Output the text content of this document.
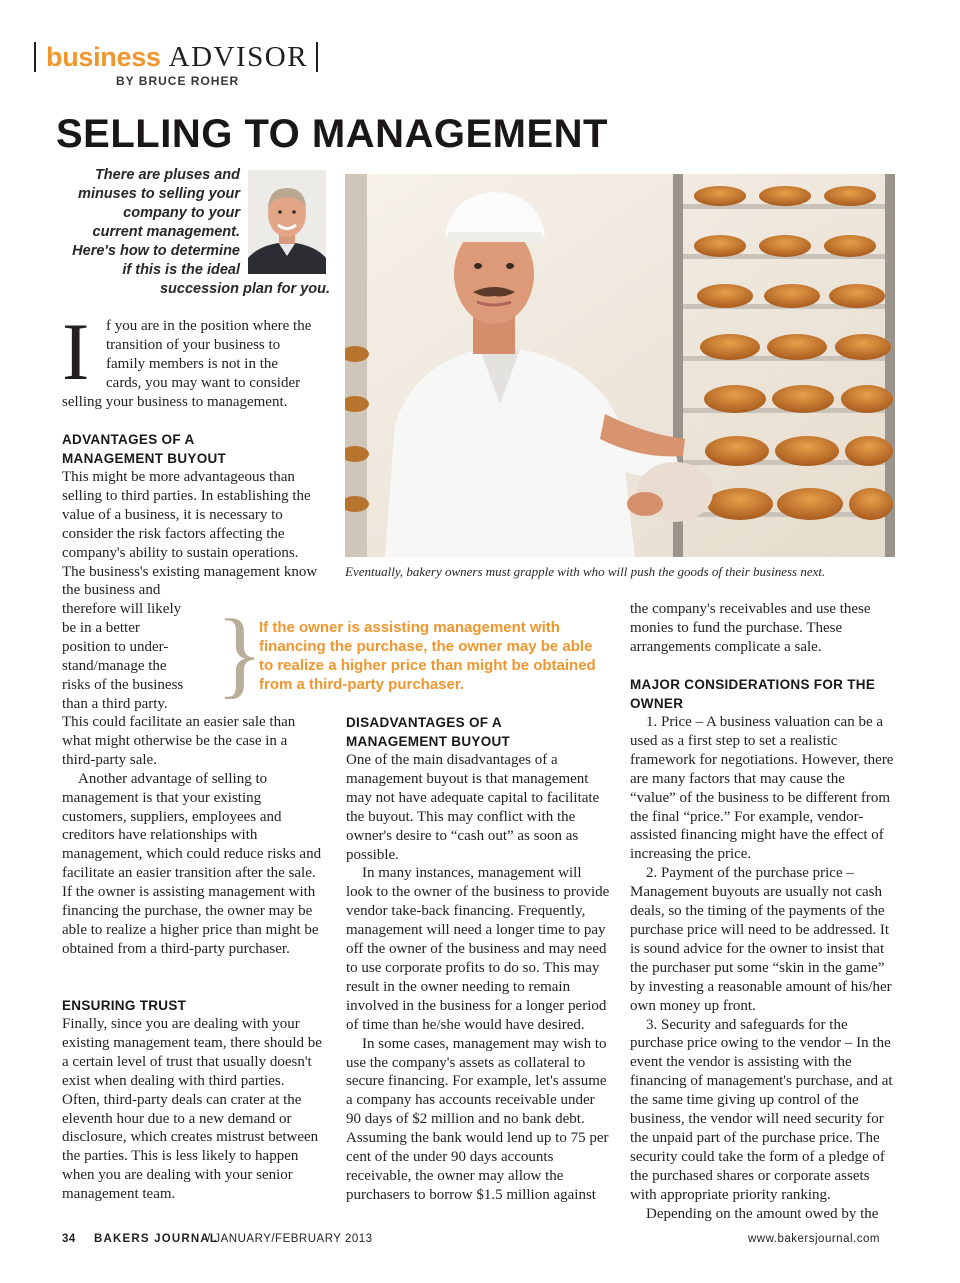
business ADVISOR
BY BRUCE ROHER
SELLING TO MANAGEMENT
There are pluses and
minuses to selling your
company to your
current management.
Here's how to determine
if this is the ideal
succession plan for you.
Eventually, bakery owners must grapple with who will push the goods of their business next.
I f you are in the position where the

transition of your business to

family members is not in the

cards, you may want to consider

selling your business to management.
ADVANTAGES OF A MANAGEMENT BUYOUT
This might be more advantageous than selling to third parties. In establishing the value of a business, it is necessary to consider the risk factors affecting the company's ability to sustain operations. The business's existing management know the business and

therefore will likely

be in a better

position to under-

stand/manage the

risks of the business

than a third party.

This could facilitate an easier sale than what might otherwise be the case in a third-party sale.

Another advantage of selling to management is that your existing customers, suppliers, employees and creditors have relationships with management, which could reduce risks and facilitate an easier transition after the sale. If the owner is assisting management with financing the purchase, the owner may be able to realize a higher price than might be obtained from a third-party purchaser.

ENSURING TRUST
Finally, since you are dealing with your existing management team, there should be a certain level of trust that usually doesn't exist when dealing with third parties. Often, third-party deals can crater at the eleventh hour due to a new demand or disclosure, which creates mistrust between the parties. This is less likely to happen when you are dealing with your senior management team.
}
If the owner is assisting management with financing the purchase, the owner may be able to realize a higher price than might be obtained from a third-party purchaser.
DISADVANTAGES OF A MANAGEMENT BUYOUT

One of the main disadvantages of a management buyout is that management may not have adequate capital to facilitate the buyout. This may conflict with the owner's desire to “cash out” as soon as possible.

In many instances, management will look to the owner of the business to provide vendor take-back financing. Frequently, management will need a longer time to pay off the owner of the business and may need to use corporate profits to do so. This may result in the owner needing to remain involved in the business for a longer period of time than he/she would have desired.

In some cases, management may wish to use the company's assets as collateral to secure financing. For example, let's assume a company has accounts receivable under 90 days of $2 million and no bank debt. Assuming the bank would lend up to 75 per cent of the under 90 days accounts receivable, the owner may allow the purchasers to borrow $1.5 million against

the company's receivables and use these monies to fund the purchase. These arrangements complicate a sale.
MAJOR CONSIDERATIONS FOR THE OWNER

1. Price – A business valuation can be a used as a first step to set a realistic framework for negotiations. However, there are many factors that may cause the “value” of the business to be different from the final “price.” For example, vendor-assisted financing might have the effect of increasing the price.

2. Payment of the purchase price – Management buyouts are usually not cash deals, so the timing of the payments of the purchase price will need to be addressed. It is sound advice for the owner to insist that the purchaser put some “skin in the game” by investing a reasonable amount of his/her own money up front.

3. Security and safeguards for the purchase price owing to the vendor – In the event the vendor is assisting with the financing of management's purchase, and at the same time giving up control of the business, the vendor will need security for the unpaid part of the purchase price. The security could take the form of a pledge of the purchased shares or corporate assets with appropriate priority ranking.

Depending on the amount owed by the

34 BAKERS JOURNAL
/ JANUARY/FEBRUARY 2013	www.bakersjournal.com
